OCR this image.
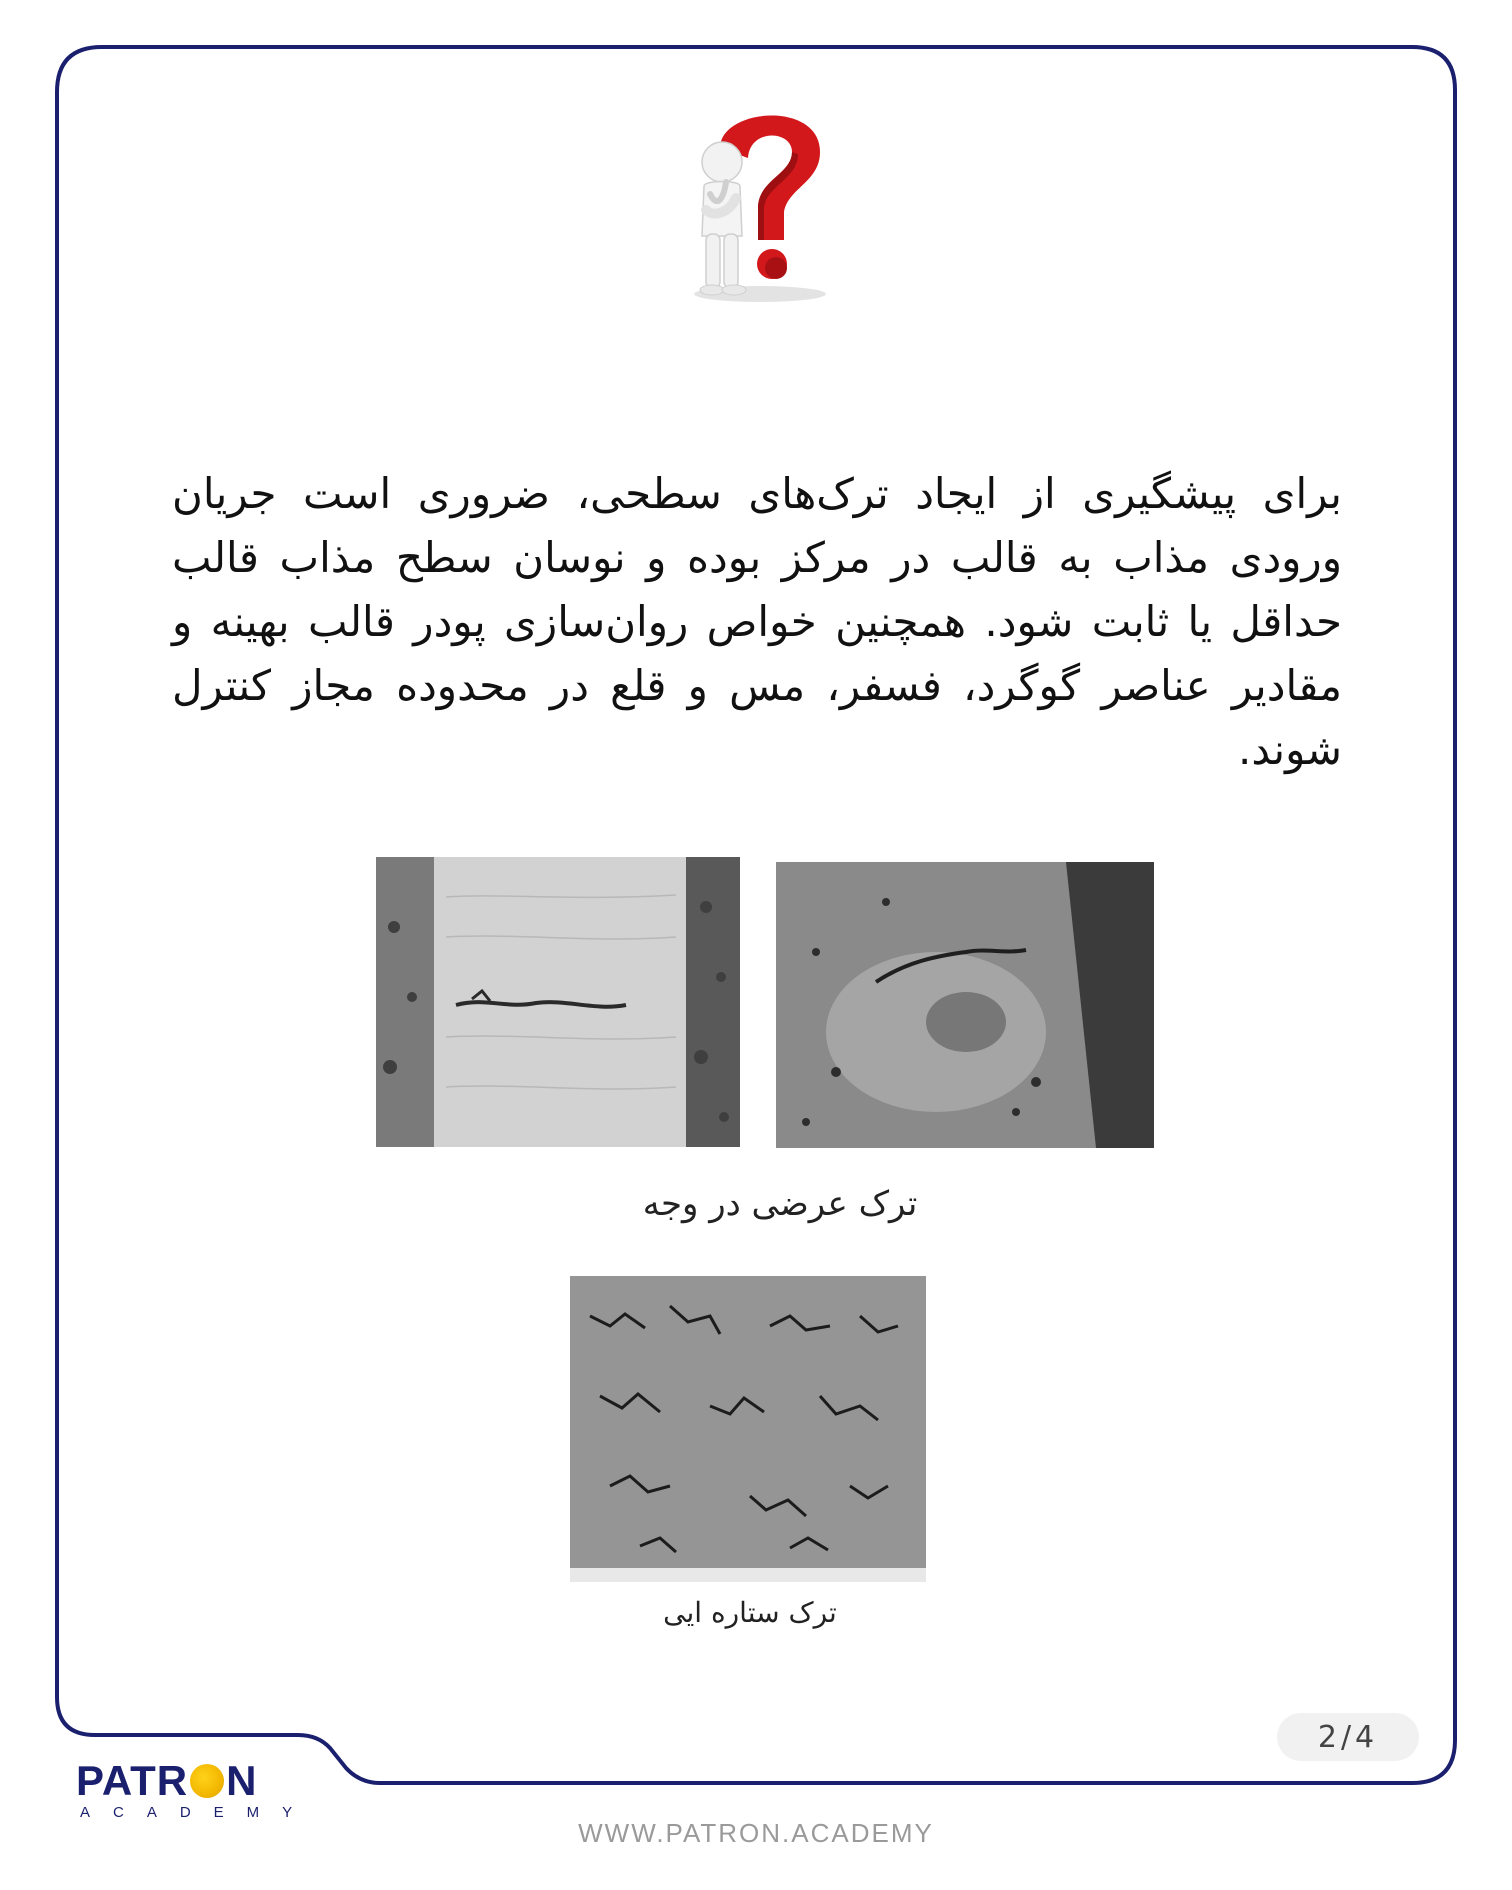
برای پیشگیری از ایجاد ترک‌های سطحی، ضروری است جریان ورودی مذاب به قالب در مرکز بوده و نوسان سطح مذاب قالب حداقل یا ثابت شود. همچنین خواص روان‌سازی پودر قالب بهینه و مقادیر عناصر گوگرد، فسفر، مس و قلع در محدوده مجاز کنترل شوند.
ترک عرضی در وجه
ترک ستاره ایی
2/4
PATR N
ACADEMY
WWW.PATRON.ACADEMY
